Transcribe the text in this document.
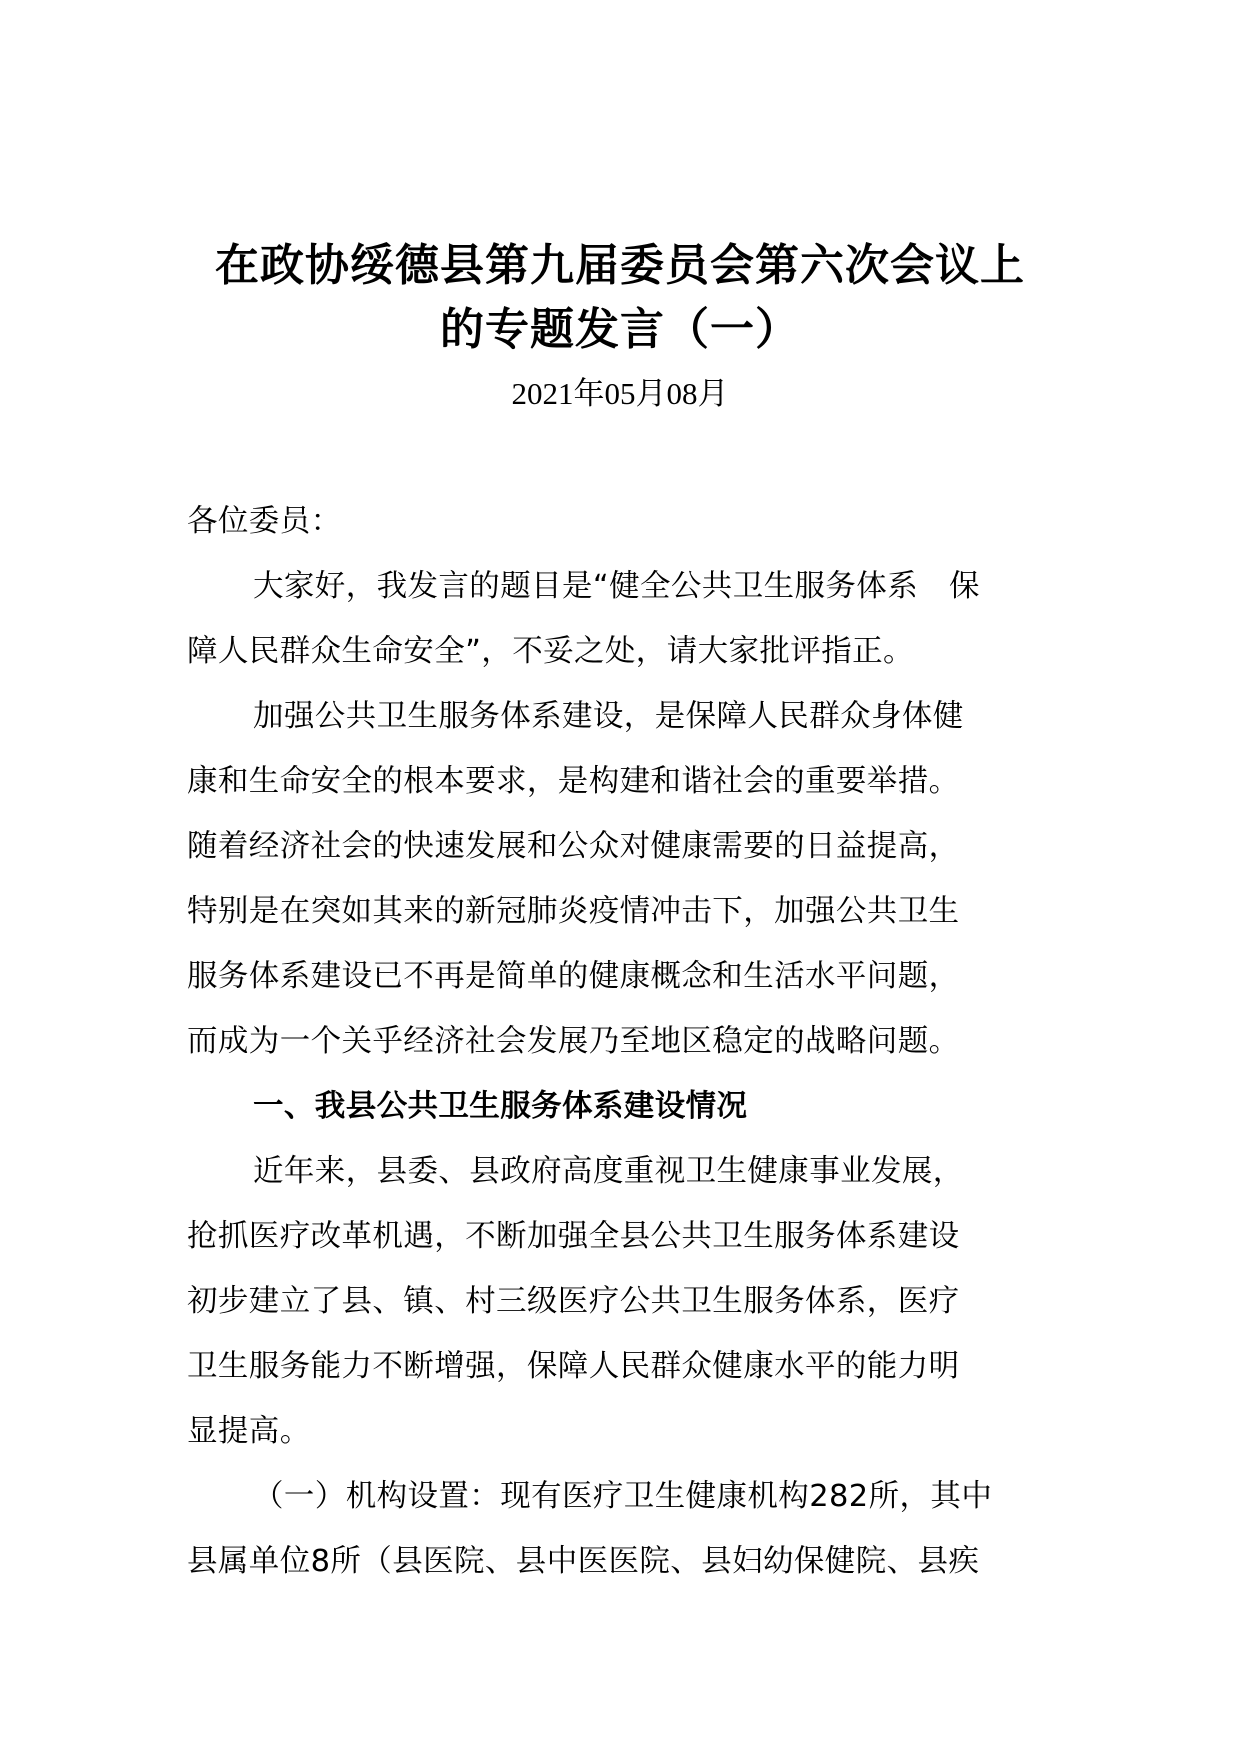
在政协绥德县第九届委员会第六次会议上
的专题发言（一）
2021年05月08月
各位委员：
大家好，我发言的题目是“健全公共卫生服务体系　保
障人民群众生命安全”，不妥之处，请大家批评指正。
加强公共卫生服务体系建设，是保障人民群众身体健
康和生命安全的根本要求，是构建和谐社会的重要举措。
随着经济社会的快速发展和公众对健康需要的日益提高，
特别是在突如其来的新冠肺炎疫情冲击下，加强公共卫生
服务体系建设已不再是简单的健康概念和生活水平问题，
而成为一个关乎经济社会发展乃至地区稳定的战略问题。
一、我县公共卫生服务体系建设情况
近年来，县委、县政府高度重视卫生健康事业发展，
抢抓医疗改革机遇，不断加强全县公共卫生服务体系建设
初步建立了县、镇、村三级医疗公共卫生服务体系，医疗
卫生服务能力不断增强，保障人民群众健康水平的能力明
显提高。
（一）机构设置：现有医疗卫生健康机构282所，其中
县属单位8所（县医院、县中医医院、县妇幼保健院、县疾
